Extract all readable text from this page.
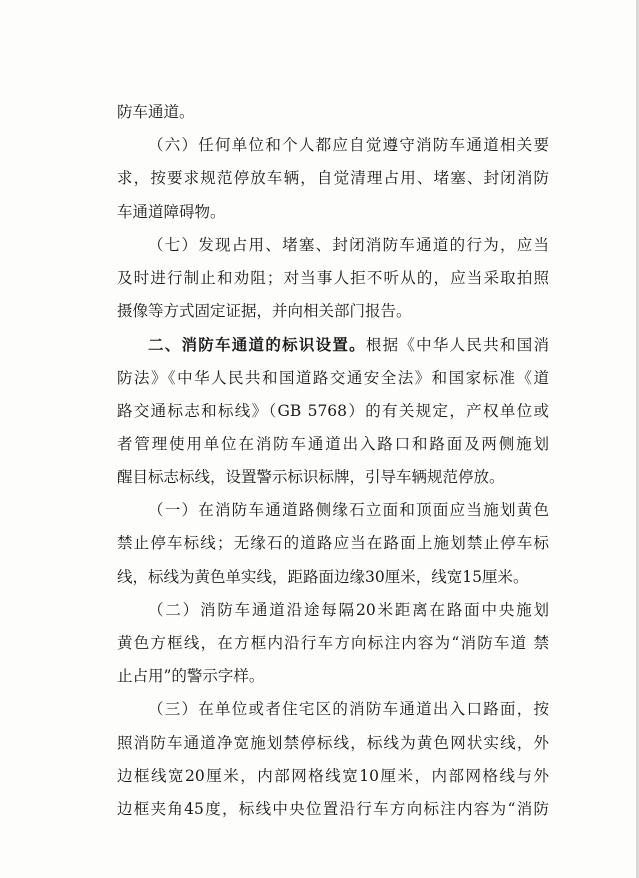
防车通道。
（六）任何单位和个人都应自觉遵守消防车通道相关要
求，按要求规范停放车辆，自觉清理占用、堵塞、封闭消防
车通道障碍物。
（七）发现占用、堵塞、封闭消防车通道的行为，应当
及时进行制止和劝阻；对当事人拒不听从的，应当采取拍照
摄像等方式固定证据，并向相关部门报告。
二、消防车通道的标识设置。根据《中华人民共和国消
防法》《中华人民共和国道路交通安全法》和国家标准《道
路交通标志和标线》（GB 5768）的有关规定，产权单位或
者管理使用单位在消防车通道出入路口和路面及两侧施划
醒目标志标线，设置警示标识标牌，引导车辆规范停放。
（一）在消防车通道路侧缘石立面和顶面应当施划黄色
禁止停车标线；无缘石的道路应当在路面上施划禁止停车标
线，标线为黄色单实线，距路面边缘30厘米，线宽15厘米。
（二）消防车通道沿途每隔20米距离在路面中央施划
黄色方框线，在方框内沿行车方向标注内容为“消防车道 禁
止占用”的警示字样。
（三）在单位或者住宅区的消防车通道出入口路面，按
照消防车通道净宽施划禁停标线，标线为黄色网状实线，外
边框线宽20厘米，内部网格线宽10厘米，内部网格线与外
边框夹角45度，标线中央位置沿行车方向标注内容为“消防
